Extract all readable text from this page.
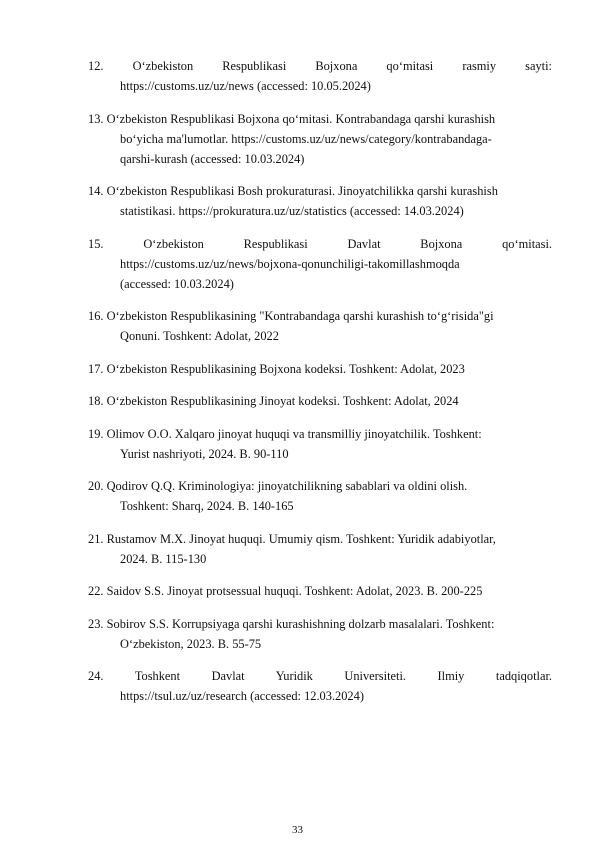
12. O‘zbekiston Respublikasi Bojxona qo‘mitasi rasmiy sayti:
https://customs.uz/uz/news (accessed: 10.05.2024)
13. O‘zbekiston Respublikasi Bojxona qo‘mitasi. Kontrabandaga qarshi kurashish
bo‘yicha ma'lumotlar. https://customs.uz/uz/news/category/kontrabandaga-
qarshi-kurash (accessed: 10.03.2024)
14. O‘zbekiston Respublikasi Bosh prokuraturasi. Jinoyatchilikka qarshi kurashish
statistikasi. https://prokuratura.uz/uz/statistics (accessed: 14.03.2024)
15.	O‘zbekiston Respublikasi Davlat Bojxona qo‘mitasi.
https://customs.uz/uz/news/bojxona-qonunchiligi-takomillashmoqda
(accessed: 10.03.2024)
16. O‘zbekiston Respublikasining "Kontrabandaga qarshi kurashish to‘g‘risida"gi
Qonuni. Toshkent: Adolat, 2022
17. O‘zbekiston Respublikasining Bojxona kodeksi. Toshkent: Adolat, 2023
18. O‘zbekiston Respublikasining Jinoyat kodeksi. Toshkent: Adolat, 2024
19. Olimov O.O. Xalqaro jinoyat huquqi va transmilliy jinoyatchilik. Toshkent:
Yurist nashriyoti, 2024. B. 90-110
20. Qodirov Q.Q. Kriminologiya: jinoyatchilikning sabablari va oldini olish.
Toshkent: Sharq, 2024. B. 140-165
21. Rustamov M.X. Jinoyat huquqi. Umumiy qism. Toshkent: Yuridik adabiyotlar,
2024. B. 115-130
22. Saidov S.S. Jinoyat protsessual huquqi. Toshkent: Adolat, 2023. B. 200-225
23. Sobirov S.S. Korrupsiyaga qarshi kurashishning dolzarb masalalari. Toshkent:
O‘zbekiston, 2023. B. 55-75
24.	Toshkent Davlat Yuridik Universiteti. Ilmiy tadqiqotlar.
https://tsul.uz/uz/research (accessed: 12.03.2024)
33
